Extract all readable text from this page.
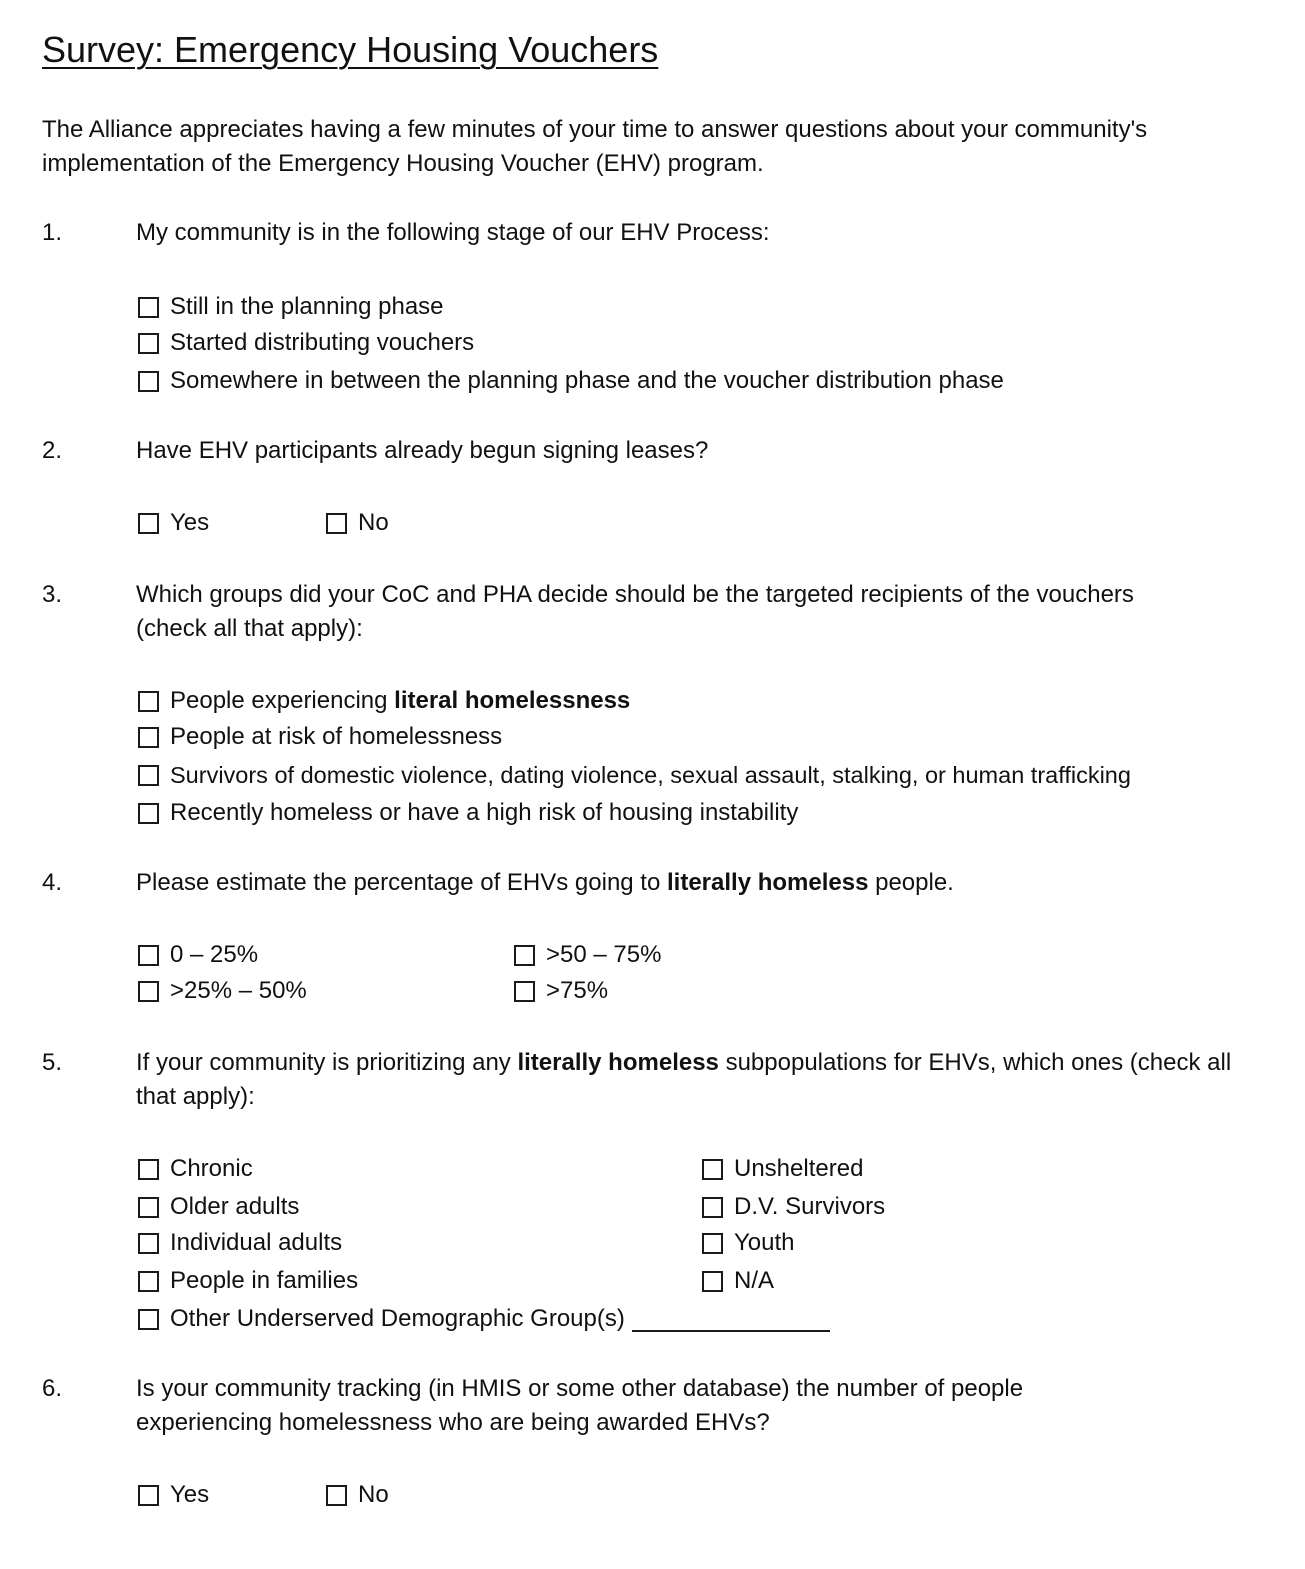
Survey: Emergency Housing Vouchers
The Alliance appreciates having a few minutes of your time to answer questions about your community's implementation of the Emergency Housing Voucher (EHV) program.
1.	My community is in the following stage of our EHV Process:
Still in the planning phase
Started distributing vouchers
Somewhere in between the planning phase and the voucher distribution phase
2.	Have EHV participants already begun signing leases?
Yes	No
3.	Which groups did your CoC and PHA decide should be the targeted recipients of the vouchers (check all that apply):
People experiencing literal homelessness
People at risk of homelessness
Survivors of domestic violence, dating violence, sexual assault, stalking, or human trafficking
Recently homeless or have a high risk of housing instability
4.	Please estimate the percentage of EHVs going to literally homeless people.
0 – 25%
>25% – 50%
>50 – 75%
>75%
5.	If your community is prioritizing any literally homeless subpopulations for EHVs, which ones (check all that apply):
Chronic
Older adults
Individual adults
People in families
Other Underserved Demographic Group(s)
Unsheltered
D.V. Survivors
Youth
N/A
6.	Is your community tracking (in HMIS or some other database) the number of people experiencing homelessness who are being awarded EHVs?
Yes	No
